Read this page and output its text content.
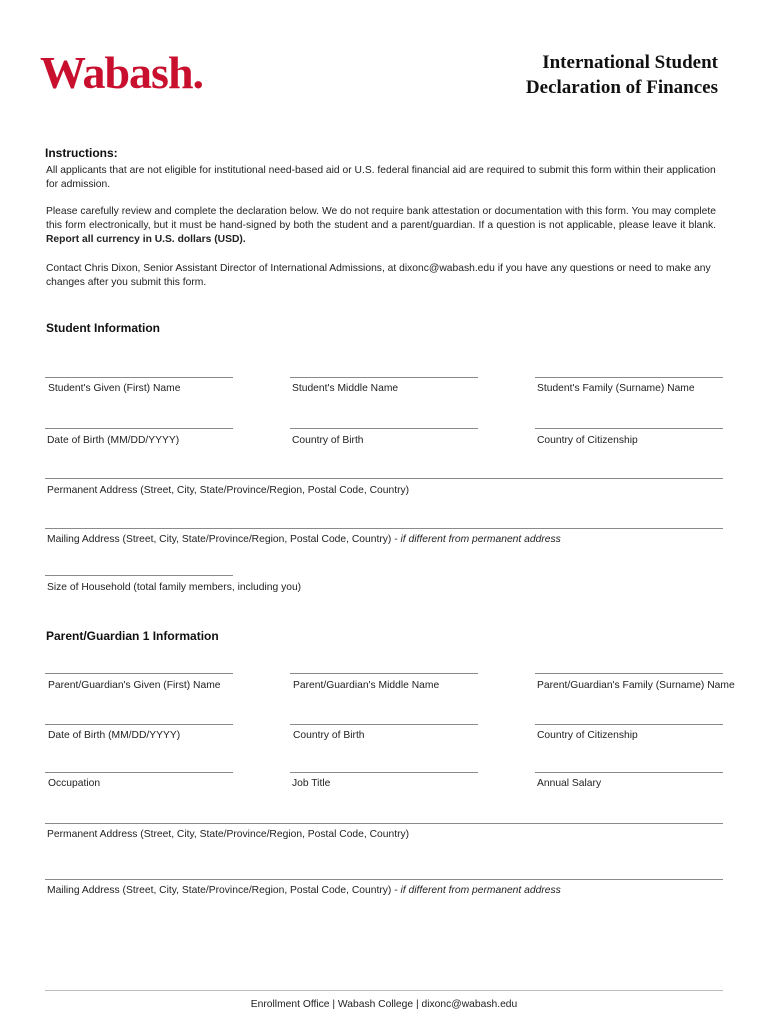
Wabash.	International Student
Declaration of Finances
Instructions:
All applicants that are not eligible for institutional need-based aid or U.S. federal financial aid are required to submit this form within their application for admission.
Please carefully review and complete the declaration below. We do not require bank attestation or documentation with this form. You may complete this form electronically, but it must be hand-signed by both the student and a parent/guardian. If a question is not applicable, please leave it blank. Report all currency in U.S. dollars (USD).
Contact Chris Dixon, Senior Assistant Director of International Admissions, at dixonc@wabash.edu if you have any questions or need to make any changes after you submit this form.
Student Information
Student's Given (First) Name	Student's Middle Name	Student's Family (Surname) Name
Date of Birth (MM/DD/YYYY)	Country of Birth	Country of Citizenship
Permanent Address (Street, City, State/Province/Region, Postal Code, Country)
Mailing Address (Street, City, State/Province/Region, Postal Code, Country) - if different from permanent address
Size of Household (total family members, including you)
Parent/Guardian 1 Information
Parent/Guardian's Given (First) Name	Parent/Guardian's Middle Name	Parent/Guardian's Family (Surname) Name
Date of Birth (MM/DD/YYYY)	Country of Birth	Country of Citizenship
Occupation	Job Title	Annual Salary
Permanent Address (Street, City, State/Province/Region, Postal Code, Country)
Mailing Address (Street, City, State/Province/Region, Postal Code, Country) - if different from permanent address
Enrollment Office | Wabash College | dixonc@wabash.edu
